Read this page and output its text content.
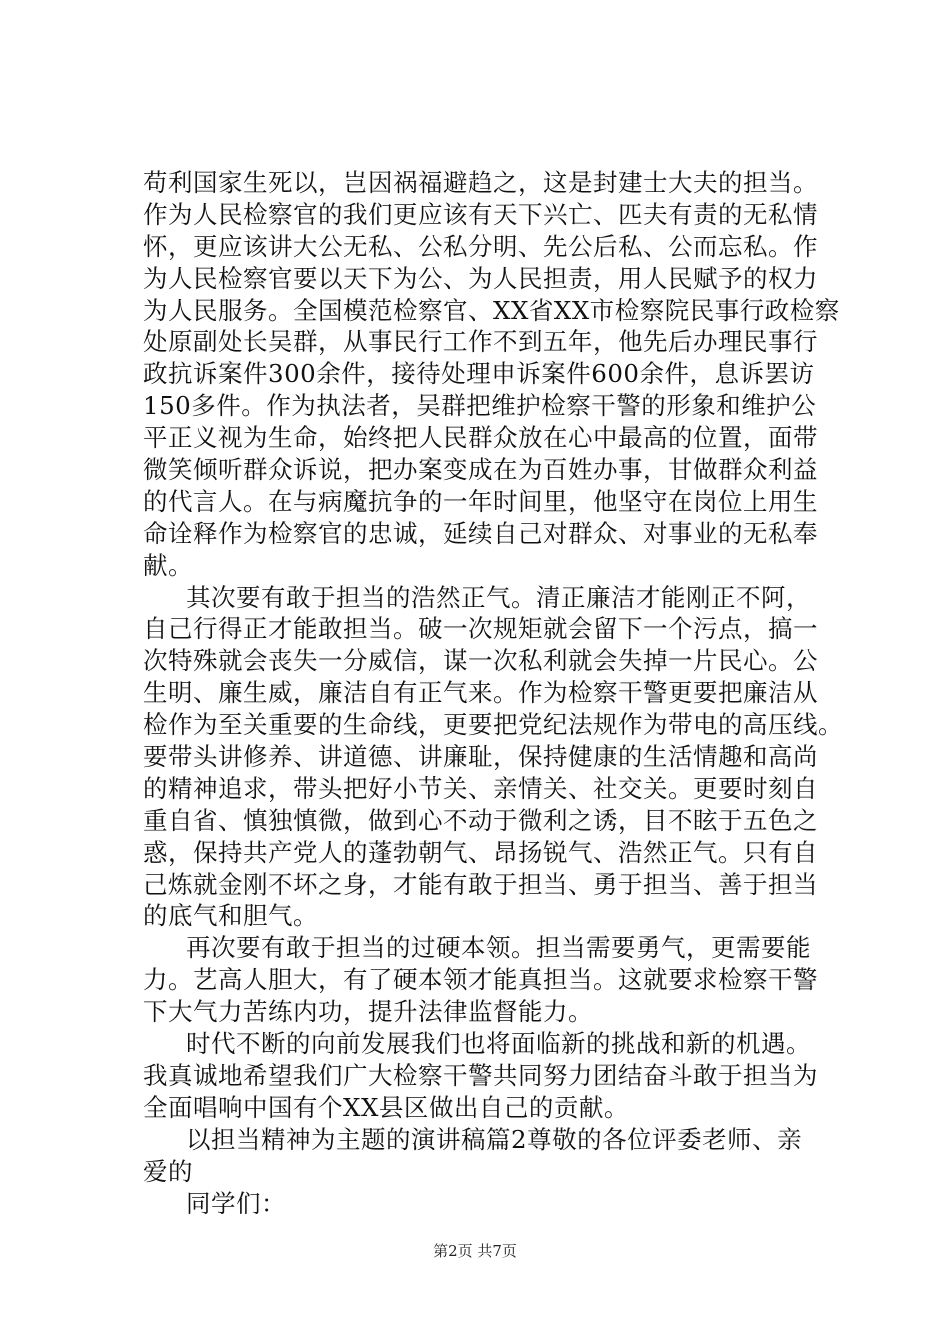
苟利国家生死以，岂因祸福避趋之，这是封建士大夫的担当。
作为人民检察官的我们更应该有天下兴亡、匹夫有责的无私情
怀，更应该讲大公无私、公私分明、先公后私、公而忘私。作
为人民检察官要以天下为公、为人民担责，用人民赋予的权力
为人民服务。全国模范检察官、XX省XX市检察院民事行政检察
处原副处长吴群，从事民行工作不到五年，他先后办理民事行
政抗诉案件300余件，接待处理申诉案件600余件，息诉罢访
150多件。作为执法者，吴群把维护检察干警的形象和维护公
平正义视为生命，始终把人民群众放在心中最高的位置，面带
微笑倾听群众诉说，把办案变成在为百姓办事，甘做群众利益
的代言人。在与病魔抗争的一年时间里，他坚守在岗位上用生
命诠释作为检察官的忠诚，延续自己对群众、对事业的无私奉
献。
其次要有敢于担当的浩然正气。清正廉洁才能刚正不阿，
自己行得正才能敢担当。破一次规矩就会留下一个污点，搞一
次特殊就会丧失一分威信，谋一次私利就会失掉一片民心。公
生明、廉生威，廉洁自有正气来。作为检察干警更要把廉洁从
检作为至关重要的生命线，更要把党纪法规作为带电的高压线。
要带头讲修养、讲道德、讲廉耻，保持健康的生活情趣和高尚
的精神追求，带头把好小节关、亲情关、社交关。更要时刻自
重自省、慎独慎微，做到心不动于微利之诱，目不眩于五色之
惑，保持共产党人的蓬勃朝气、昂扬锐气、浩然正气。只有自
己炼就金刚不坏之身，才能有敢于担当、勇于担当、善于担当
的底气和胆气。
再次要有敢于担当的过硬本领。担当需要勇气，更需要能
力。艺高人胆大，有了硬本领才能真担当。这就要求检察干警
下大气力苦练内功，提升法律监督能力。
时代不断的向前发展我们也将面临新的挑战和新的机遇。
我真诚地希望我们广大检察干警共同努力团结奋斗敢于担当为
全面唱响中国有个XX县区做出自己的贡献。
以担当精神为主题的演讲稿篇2尊敬的各位评委老师、亲
爱的
同学们：
第2页 共7页
